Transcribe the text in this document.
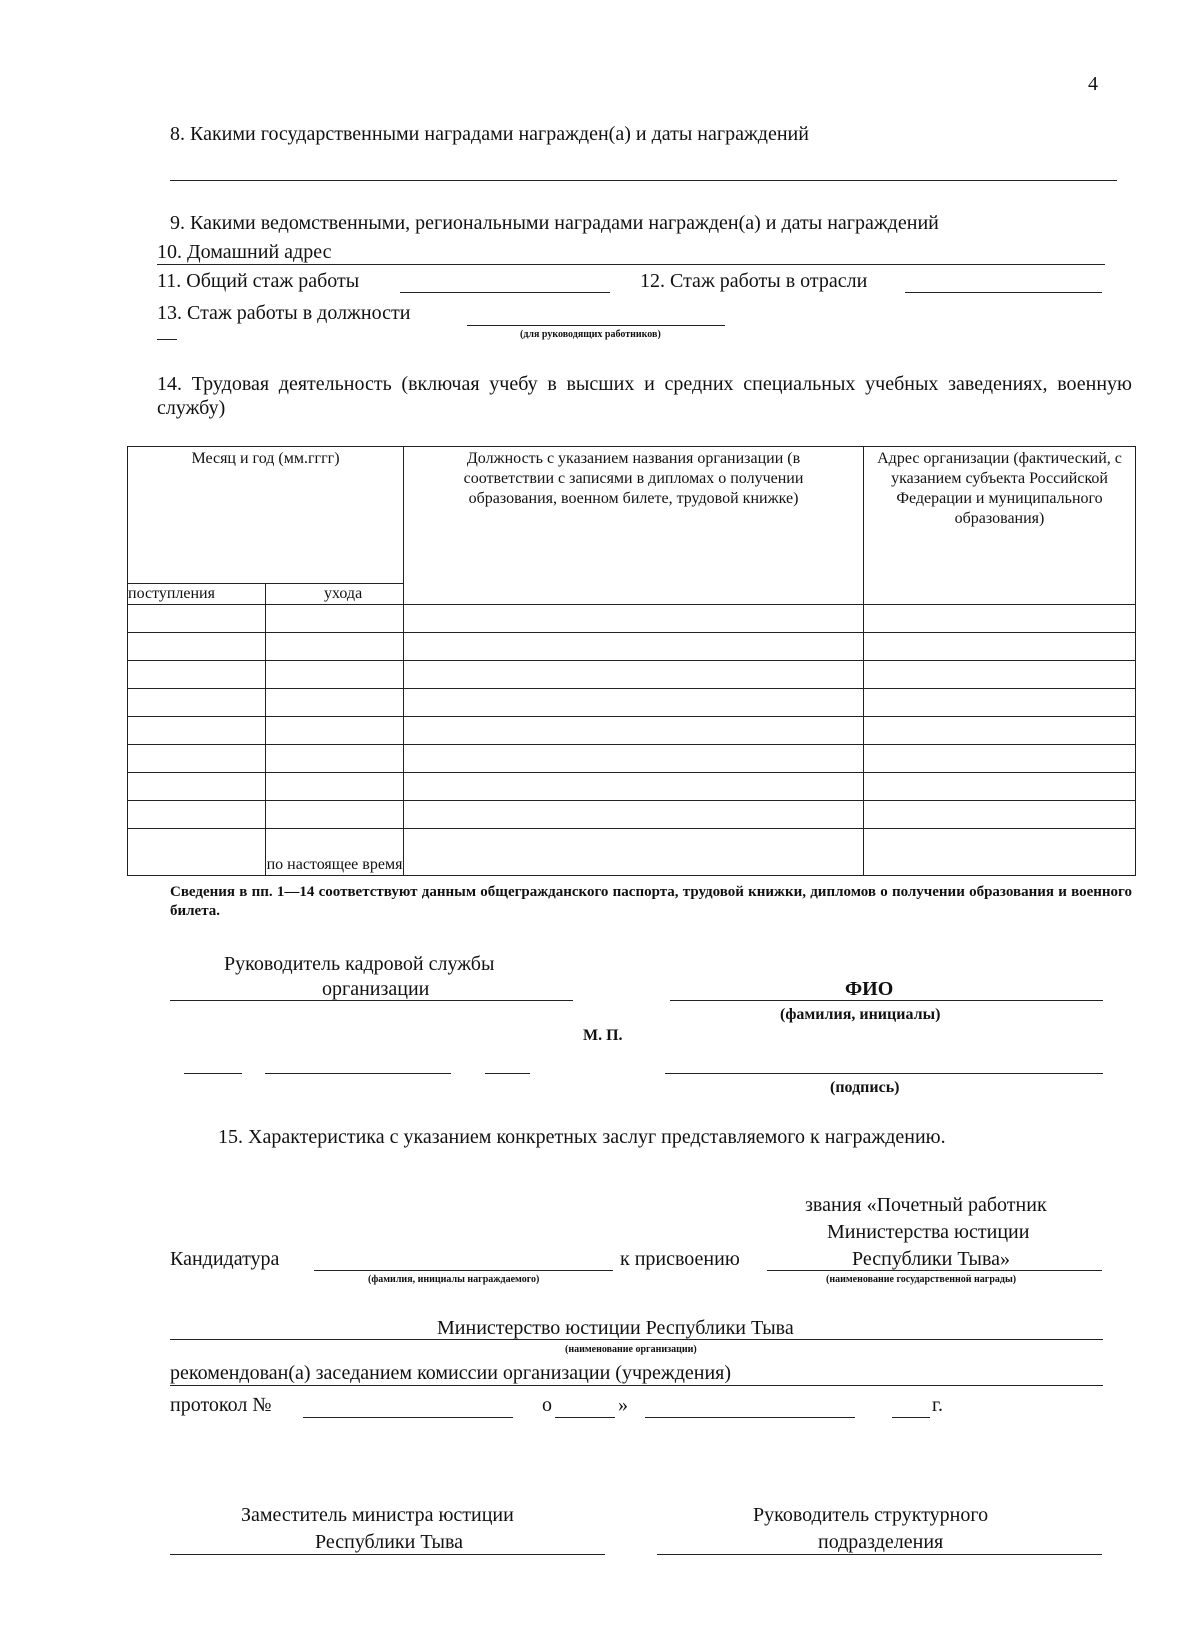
4
8. Какими государственными наградами награжден(а) и даты награждений
9. Какими ведомственными, региональными наградами награжден(а) и даты награждений
10. Домашний адрес
11. Общий стаж работы	12. Стаж работы в отрасли
13. Стаж работы в должности
(для руководящих работников)
14. Трудовая деятельность (включая учебу в высших и средних специальных учебных заведениях, военную службу)
Месяц и год (мм.гггг)		Должность с указанием названия организации (в соответствии с записями в дипломах о получении образования, военном билете, трудовой книжке)	Адрес организации (фактический, с указанием субъекта Российской Федерации и муниципального образования)
поступления	ухода		

	по настоящее время		
Сведения в пп. 1—14 соответствуют данным общегражданского паспорта, трудовой книжки, дипломов о получении образования и военного билета.
Руководитель кадровой службы
организации	ФИО
(фамилия, инициалы)
М. П.
(подпись)
15. Характеристика с указанием конкретных заслуг представляемого к награждению.
звания «Почетный работник
Министерства юстиции
Кандидатура	к присвоению	Республики Тыва»
(фамилия, инициалы награждаемого)	(наименование государственной награды)
Министерство юстиции Республики Тыва
(наименование организации)
рекомендован(а) заседанием комиссии организации (учреждения)
протокол №	о	»	г.
Заместитель министра юстиции
Республики Тыва
Руководитель структурного
подразделения
